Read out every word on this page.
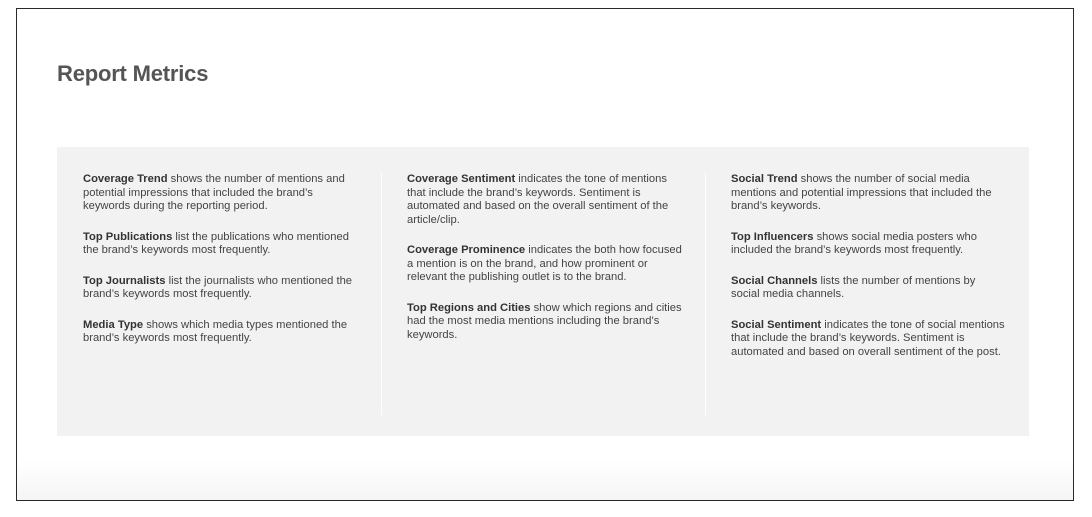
Report Metrics

Coverage Trend shows the number of mentions and potential impressions that included the brand’s keywords during the reporting period.

Top Publications list the publications who mentioned the brand’s keywords most frequently.

Top Journalists list the journalists who mentioned the brand’s keywords most frequently.

Media Type shows which media types mentioned the brand’s keywords most frequently.

Coverage Sentiment indicates the tone of mentions that include the brand’s keywords. Sentiment is automated and based on the overall sentiment of the article/clip.

Coverage Prominence indicates the both how focused a mention is on the brand, and how prominent or relevant the publishing outlet is to the brand.

Top Regions and Cities show which regions and cities had the most media mentions including the brand’s keywords.

Social Trend shows the number of social media mentions and potential impressions that included the brand’s keywords.

Top Influencers shows social media posters who included the brand’s keywords most frequently.

Social Channels lists the number of mentions by social media channels.

Social Sentiment indicates the tone of social mentions that include the brand’s keywords. Sentiment is automated and based on overall sentiment of the post.
